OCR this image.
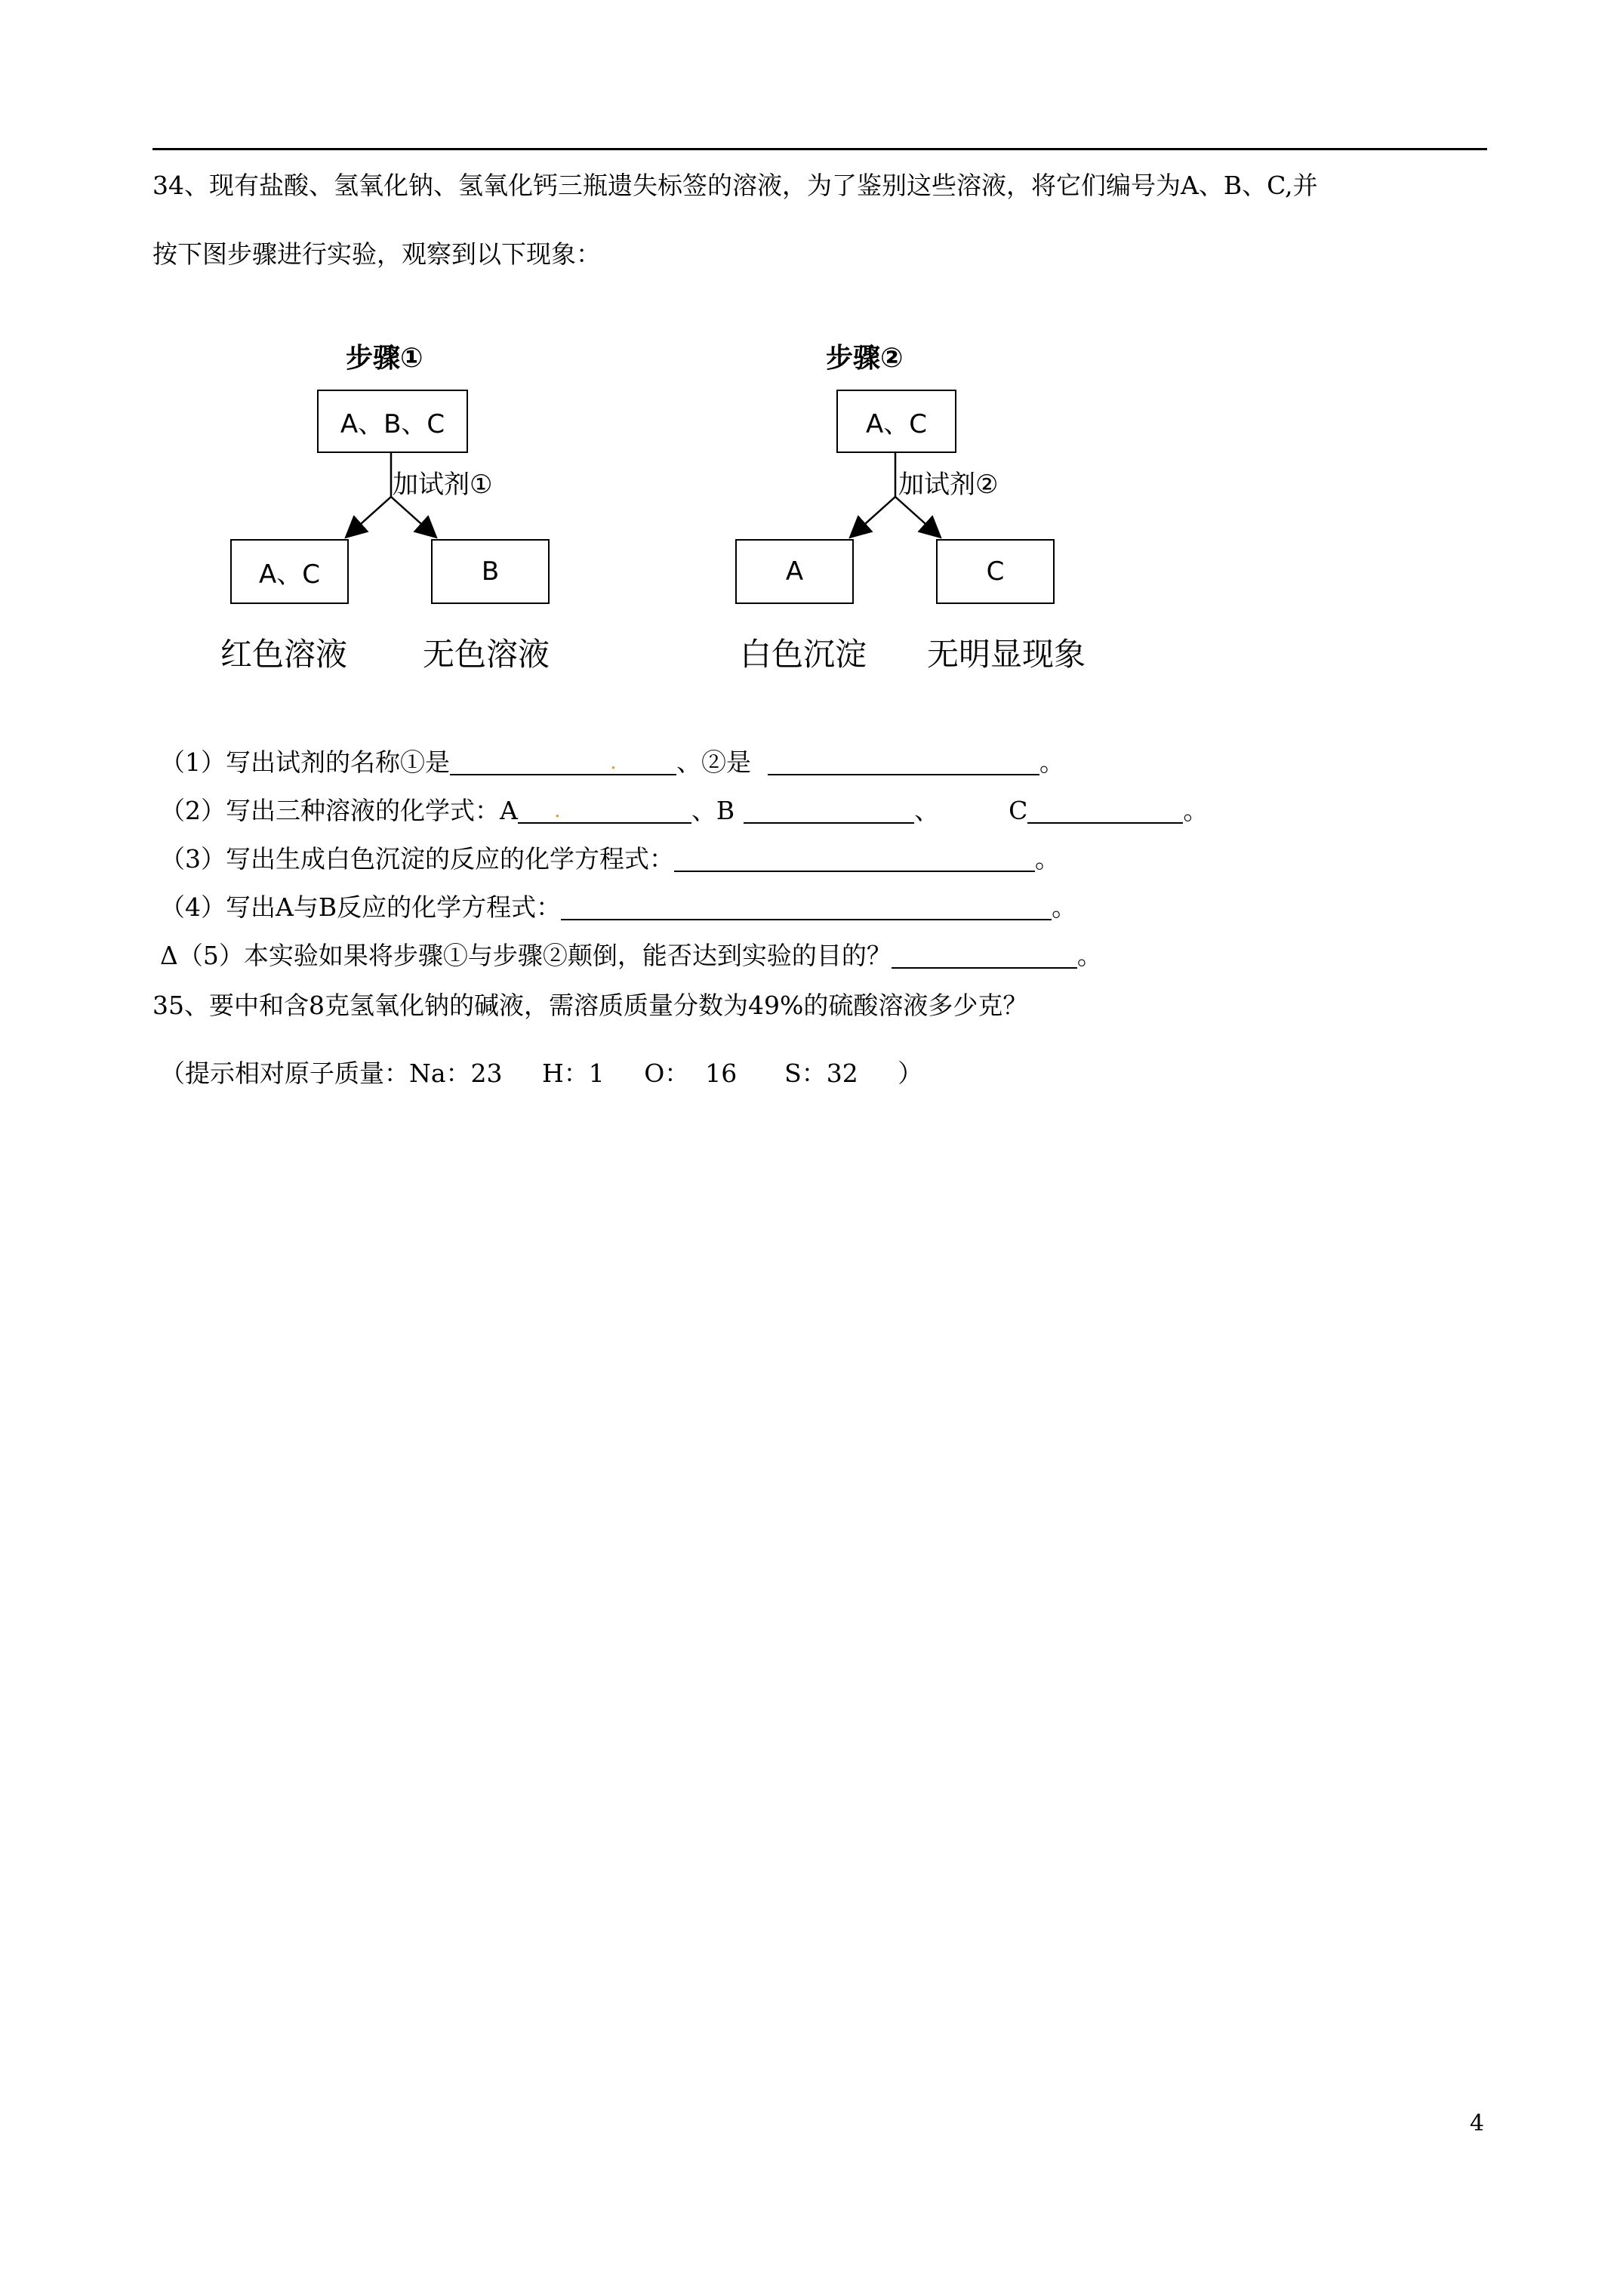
34、现有盐酸、氢氧化钠、氢氧化钙三瓶遗失标签的溶液，为了鉴别这些溶液，将它们编号为A、B、C,并
按下图步骤进行实验，观察到以下现象：
步骤①
A、B、C
加试剂①
A、C	B
红色溶液 无色溶液
步骤②
A、C
加试剂②
A	C
白色沉淀 无明显现象
（1）写出试剂的名称①是	. 、②是	。
（2）写出三种溶液的化学式：A .	、B	、	C	。
（3）写出生成白色沉淀的反应的化学方程式：	。
（4）写出A与B反应的化学方程式：	。
Δ（5）本实验如果将步骤①与步骤②颠倒，能否达到实验的目的？	。
35、要中和含8克氢氧化钠的碱液，需溶质质量分数为49%的硫酸溶液多少克？
（提示相对原子质量：Na：23     H：1     O：  16      S：32     ）
4
